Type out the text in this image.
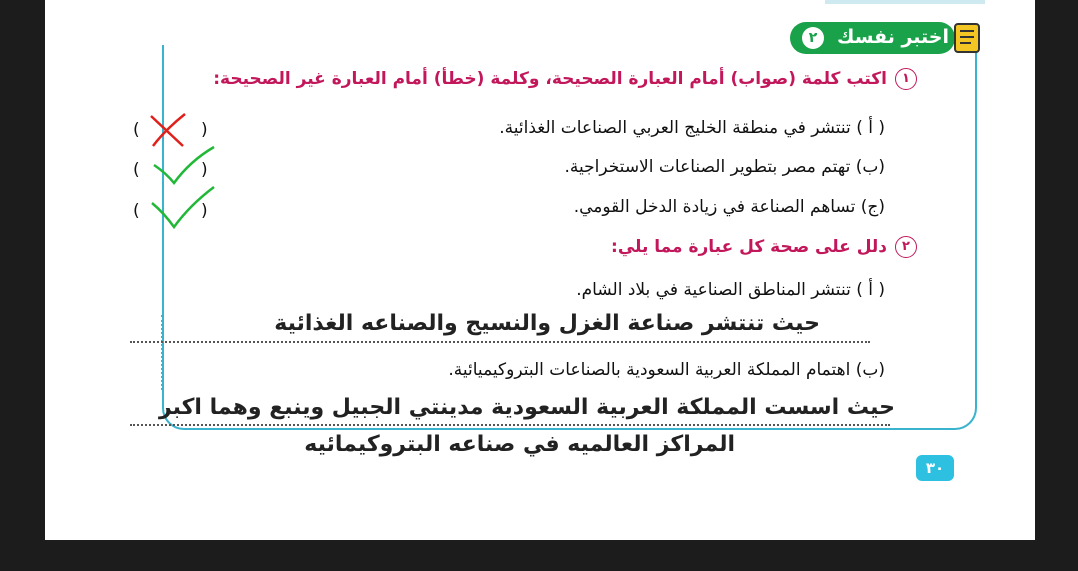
٢	اختبر نفسك
١اكتب كلمة (صواب) أمام العبارة الصحيحة، وكلمة (خطأ) أمام العبارة غير الصحيحة:
( أ ) تنتشر في منطقة الخليج العربي الصناعات الغذائية.
(ب) تهتم مصر بتطوير الصناعات الاستخراجية.
(ج) تساهم الصناعة في زيادة الدخل القومي.
(	)
(	)
(	)
٢دلل على صحة كل عبارة مما يلي:
( أ ) تنتشر المناطق الصناعية في بلاد الشام.
حيث تنتشر صناعة الغزل والنسيج والصناعه الغذائية
(ب) اهتمام المملكة العربية السعودية بالصناعات البتروكيميائية.
حيث اسست المملكة العربية السعودية مدينتي الجبيل وينبع وهما اكبر
المراكز العالميه في صناعه البتروكيمائيه
٣٠
